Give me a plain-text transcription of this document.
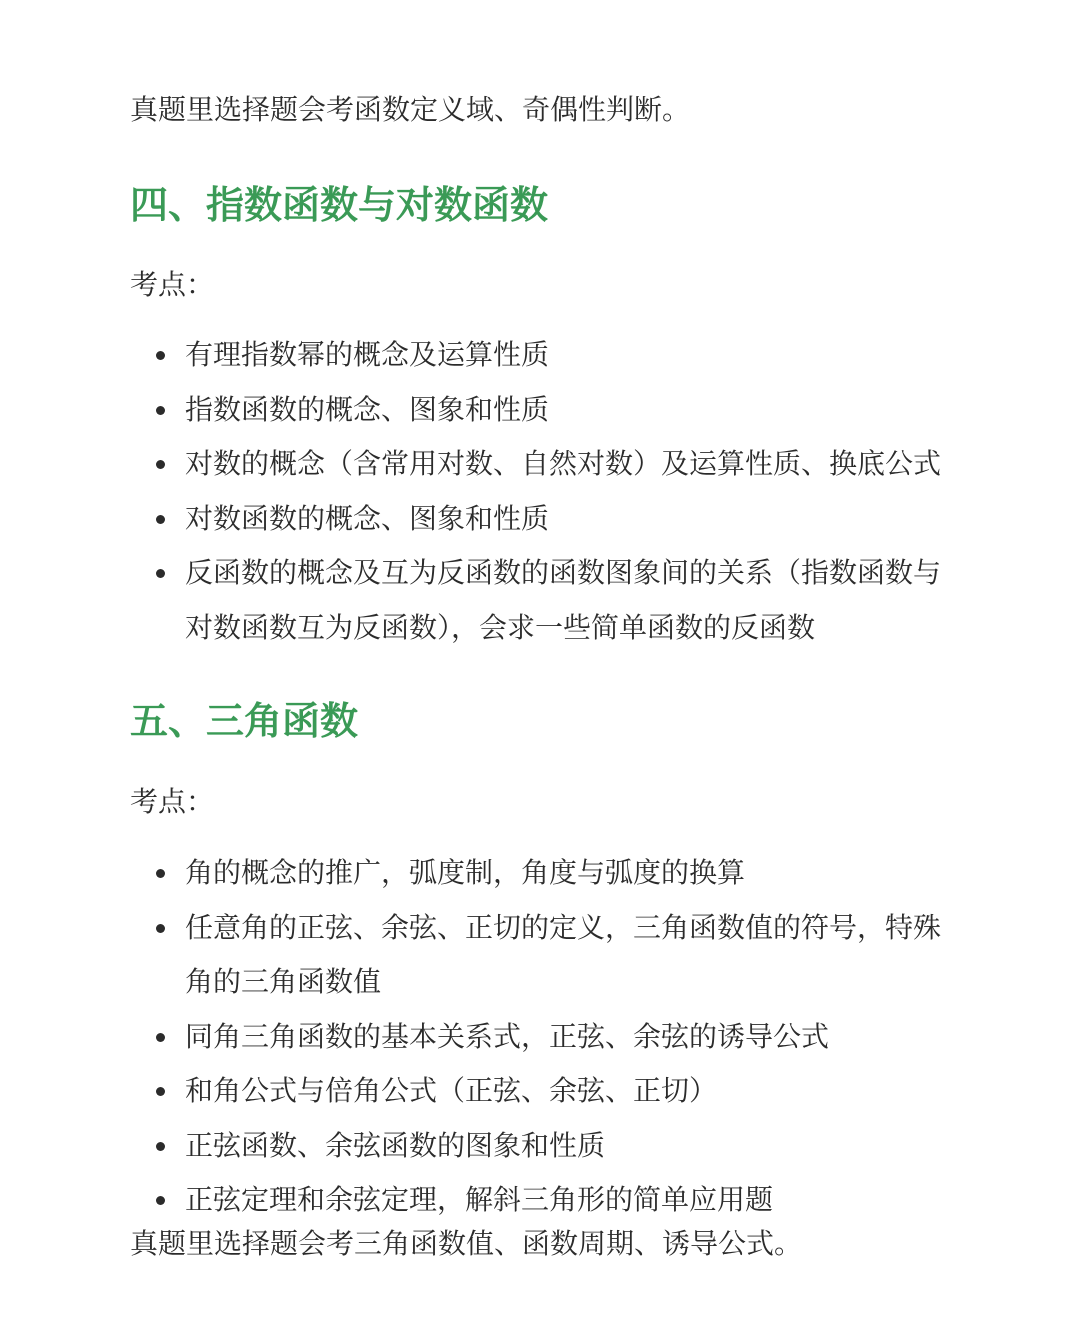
真题里选择题会考函数定义域、奇偶性判断。

四、指数函数与对数函数

考点：

有理指数幂的概念及运算性质
指数函数的概念、图象和性质
对数的概念（含常用对数、自然对数）及运算性质、换底公式
对数函数的概念、图象和性质
反函数的概念及互为反函数的函数图象间的关系（指数函数与对数函数互为反函数），会求一些简单函数的反函数
五、三角函数

考点：

角的概念的推广，弧度制，角度与弧度的换算
任意角的正弦、余弦、正切的定义，三角函数值的符号，特殊角的三角函数值
同角三角函数的基本关系式，正弦、余弦的诱导公式
和角公式与倍角公式（正弦、余弦、正切）
正弦函数、余弦函数的图象和性质
正弦定理和余弦定理，解斜三角形的简单应用题

真题里选择题会考三角函数值、函数周期、诱导公式。
